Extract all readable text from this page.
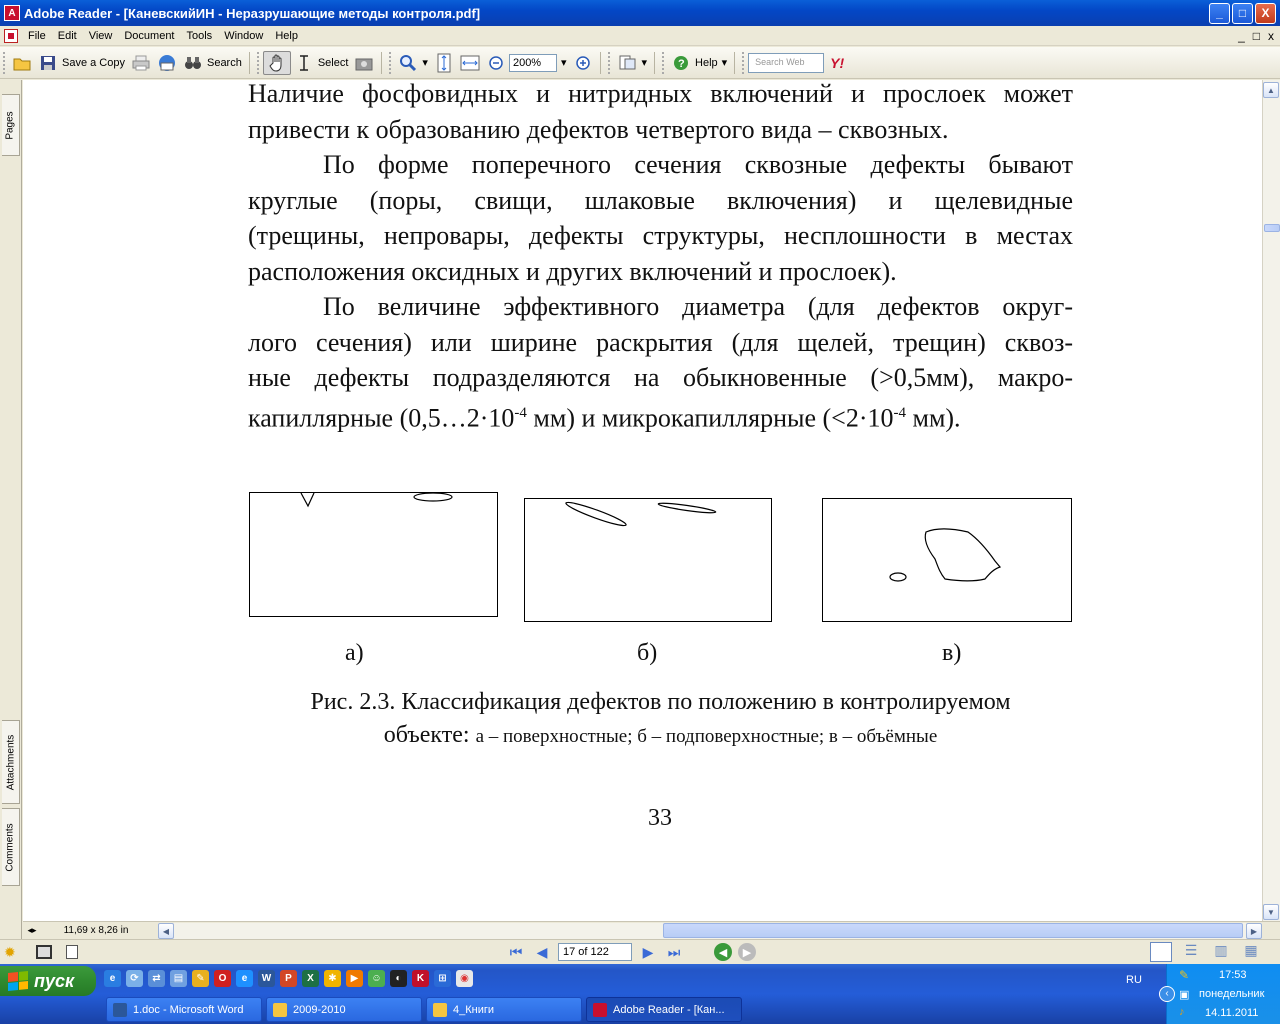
A Adobe Reader - [КаневскийИН - Неразрушающие методы контроля.pdf]	_	□	X
File	Edit	View	Document	Tools	Window	Help	_ □ x
Save a Copy	Search	Select	▾
200%	▾	▾	? Help ▾	Search Web	Y!
Pages
Attachments
Comments
Наличие фосфовидных и нитридных включений и прослоек может
привести к образованию дефектов четвертого вида – сквозных.
По форме поперечного сечения сквозные дефекты бывают
круглые (поры, свищи, шлаковые включения) и щелевидные
(трещины, непровары, дефекты структуры, несплошности в местах
расположения оксидных и других включений и прослоек).
По величине эффективного диаметра (для дефектов округ-
лого сечения) или ширине раскрытия (для щелей, трещин) сквоз-
ные дефекты подразделяются на обыкновенные (>0,5мм), макро-
капиллярные ($0,5\dots 2\cdot 10^{-4}$ мм) и микрокапиллярные ($<2\cdot 10^{-4}$ мм).
а)	б)	в)
Рис. 2.3. Классификация дефектов по положению в контролируемом
объекте: а – поверхностные; б – подповерхностные; в – объёмные
33
▲
▼
◂▸	11,69 x 8,26 in	◀	▶
✹	⏮	◀
17 of 122	▶	⏭	◀	▶	☰	▥	▦
пуск	e	⟳	⇄	▤	✎	O	e	W	P	X	✱	▶	☺	◐	K	⊞	◉	RU
1.doc - Microsoft Word	2009-2010	4_Книги	Adobe Reader - [Кан...
‹
✎
▣
♪
17:53
понедельник
14.11.2011
